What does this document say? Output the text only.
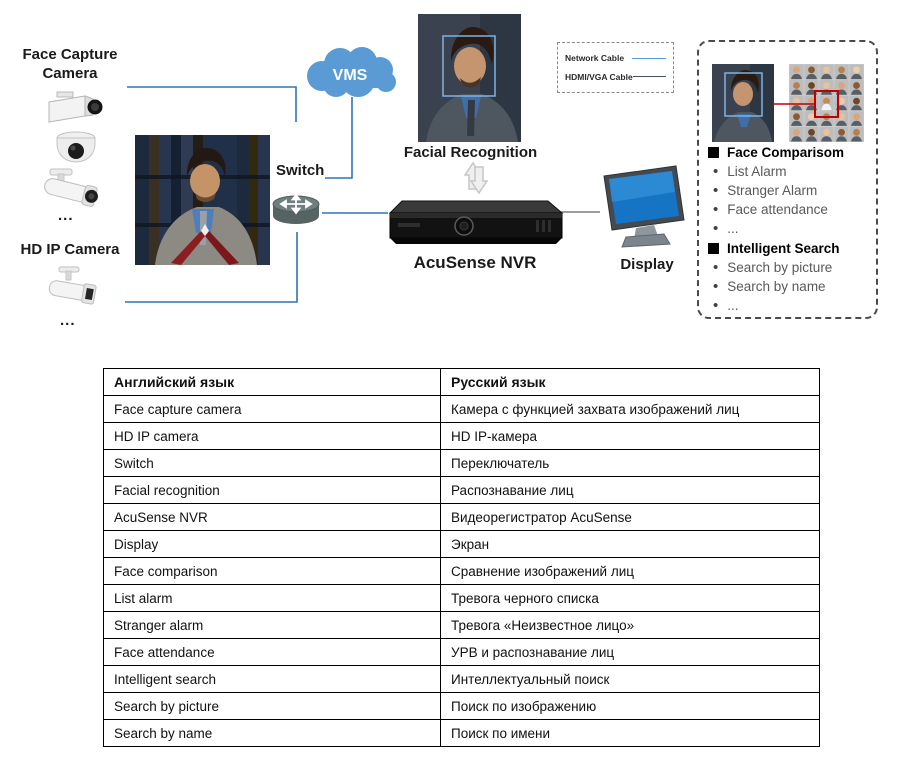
Face Capture Camera
...
HD IP Camera
...
VMS
Switch
Facial Recognition
AcuSense NVR	Display
Network Cable
HDMI/VGA Cable
Face Comparisom
• List Alarm
• Stranger Alarm
• Face attendance
• ...
Intelligent Search
• Search by picture
• Search by name
• ...
Английский язык	Русский язык
Face capture camera	Камера с функцией захвата изображений лиц
HD IP camera	HD IP-камера
Switch	Переключатель
Facial recognition	Распознавание лиц
AcuSense NVR	Видеорегистратор AcuSense
Display	Экран
Face comparison	Сравнение изображений лиц
List alarm	Тревога черного списка
Stranger alarm	Тревога «Неизвестное лицо»
Face attendance	УРВ и распознавание лиц
Intelligent search	Интеллектуальный поиск
Search by picture	Поиск по изображению
Search by name	Поиск по имени
